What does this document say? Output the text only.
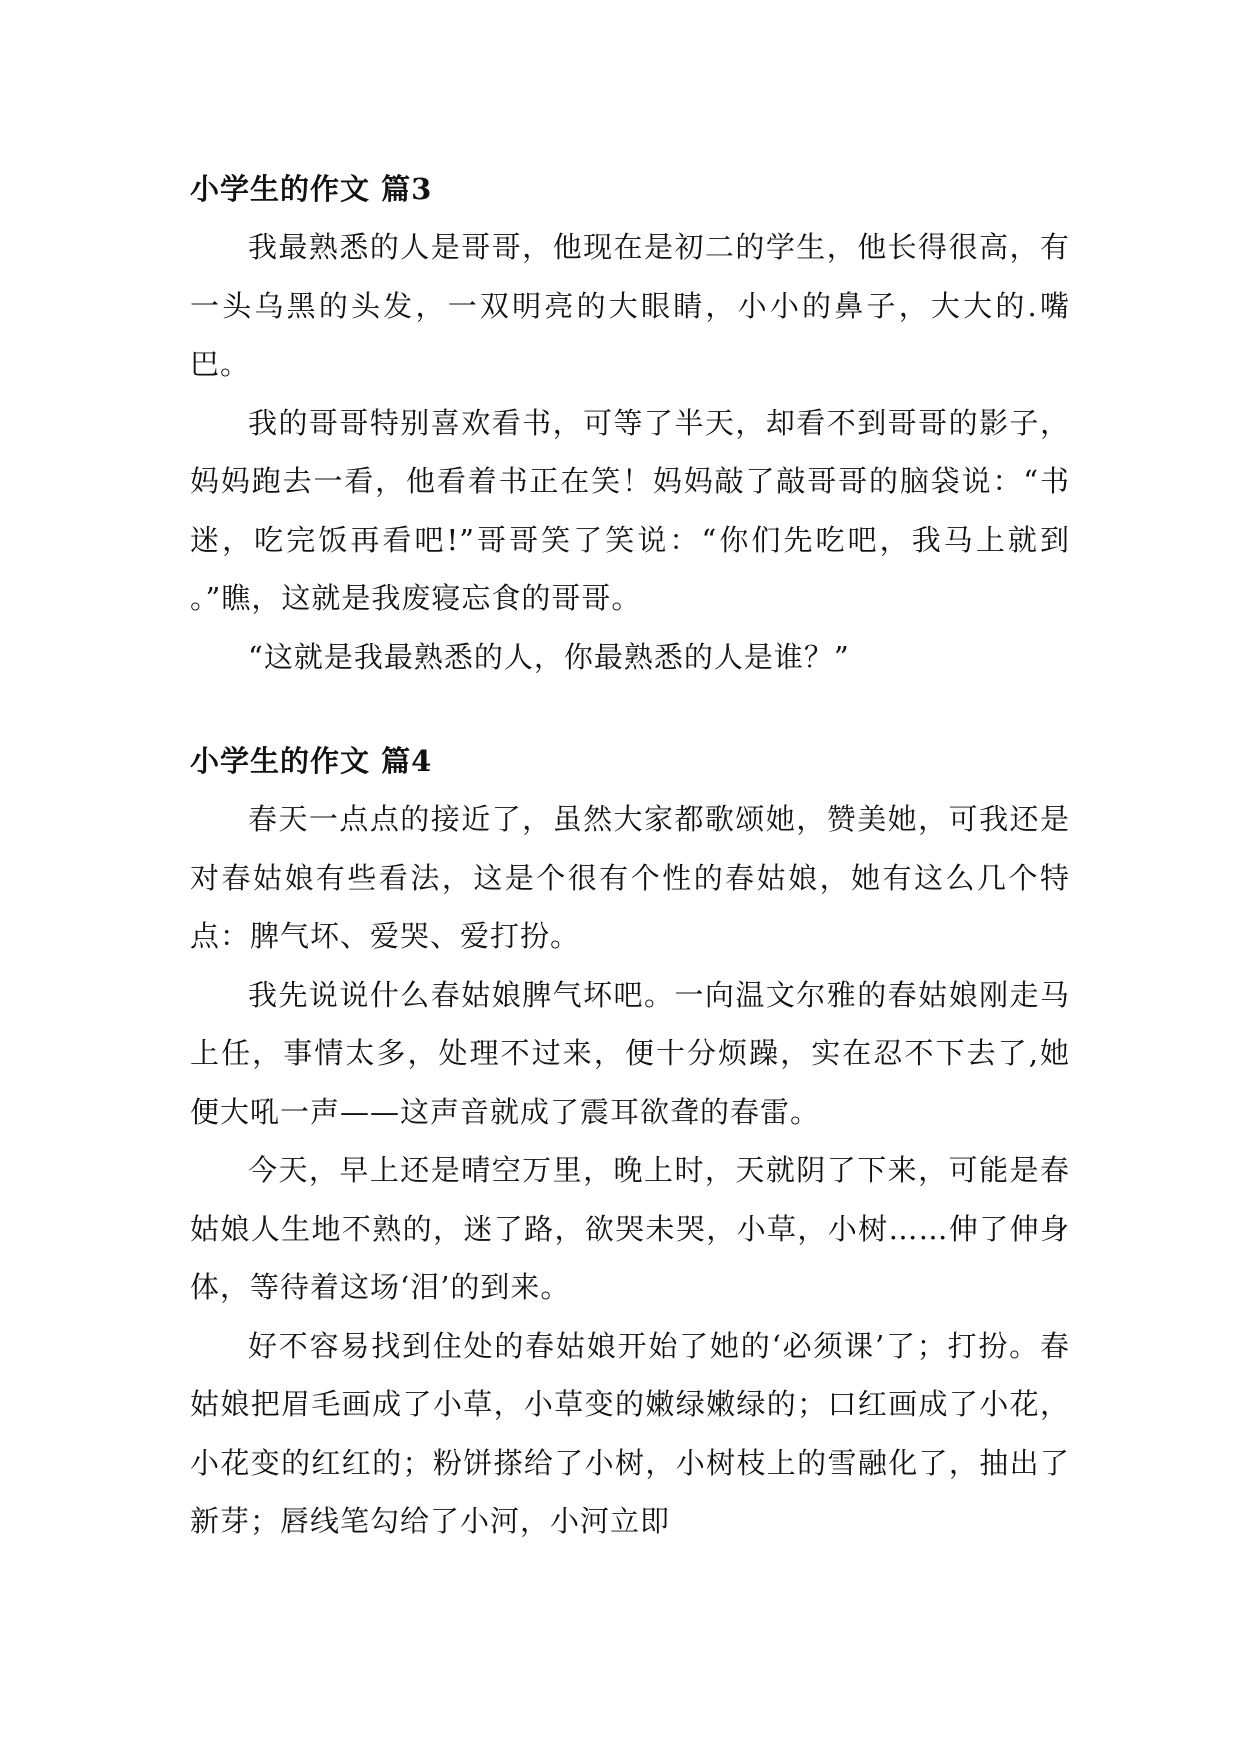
小学生的作文 篇3

我最熟悉的人是哥哥，他现在是初二的学生，他长得很高，有一头乌黑的头发，一双明亮的大眼睛，小小的鼻子，大大的.嘴巴。

我的哥哥特别喜欢看书，可等了半天，却看不到哥哥的影子，妈妈跑去一看，他看着书正在笑！妈妈敲了敲哥哥的脑袋说：“书迷，吃完饭再看吧!”哥哥笑了笑说：“你们先吃吧，我马上就到 。”瞧，这就是我废寝忘食的哥哥。

“这就是我最熟悉的人，你最熟悉的人是谁？”

小学生的作文 篇4

春天一点点的接近了，虽然大家都歌颂她，赞美她，可我还是对春姑娘有些看法，这是个很有个性的春姑娘，她有这么几个特点：脾气坏、爱哭、爱打扮。

我先说说什么春姑娘脾气坏吧。一向温文尔雅的春姑娘刚走马上任，事情太多，处理不过来，便十分烦躁，实在忍不下去了,她便大吼一声——这声音就成了震耳欲聋的春雷。

今天，早上还是晴空万里，晚上时，天就阴了下来，可能是春姑娘人生地不熟的，迷了路，欲哭未哭，小草，小树……伸了伸身体，等待着这场‘泪’的到来。

好不容易找到住处的春姑娘开始了她的‘必须课’了；打扮。春姑娘把眉毛画成了小草，小草变的嫩绿嫩绿的；口红画成了小花，小花变的红红的；粉饼搽给了小树，小树枝上的雪融化了，抽出了新芽；唇线笔勾给了小河，小河立即
